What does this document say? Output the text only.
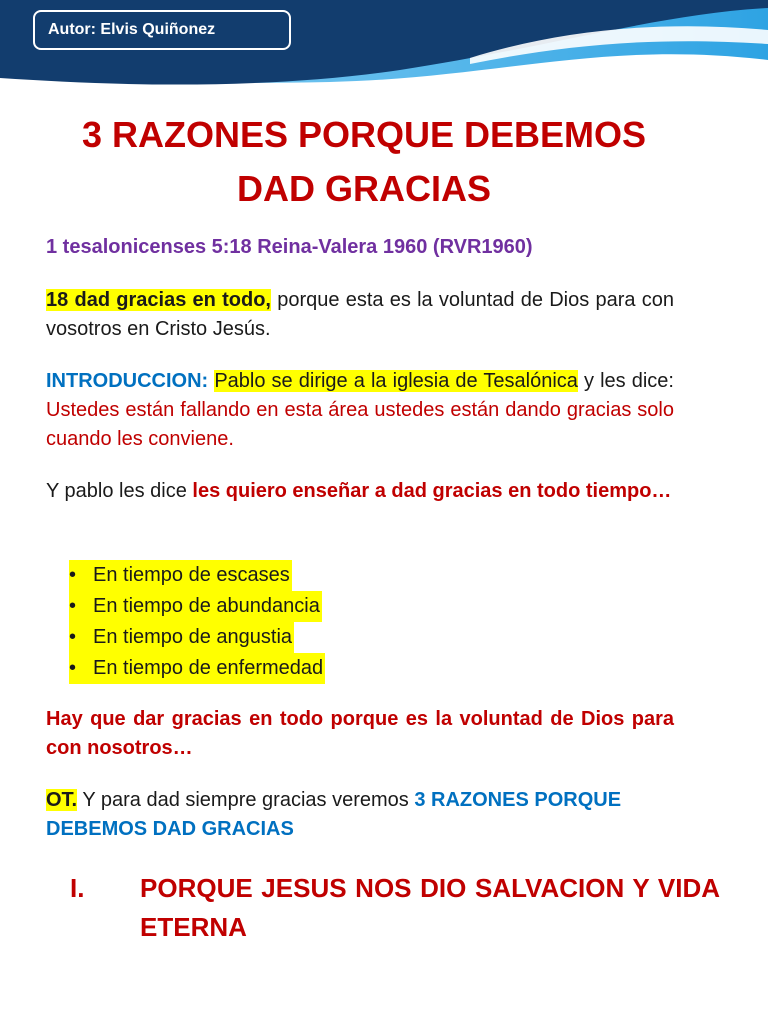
Autor: Elvis Quiñonez
3 RAZONES PORQUE DEBEMOS
DAD GRACIAS

1 tesalonicenses 5:18 Reina-Valera 1960 (RVR1960)

18 dad gracias en todo, porque esta es la voluntad de Dios para con vosotros en Cristo Jesús.

INTRODUCCION: Pablo se dirige a la iglesia de Tesalónica y les dice: Ustedes están fallando en esta área ustedes están dando gracias solo cuando les conviene.

Y pablo les dice les quiero enseñar a dad gracias en todo tiempo…

• En tiempo de escases
• En tiempo de abundancia
• En tiempo de angustia
• En tiempo de enfermedad

Hay que dar gracias en todo porque es la voluntad de Dios para con nosotros…

OT. Y para dad siempre gracias veremos 3 RAZONES PORQUE DEBEMOS DAD GRACIAS

I. PORQUE JESUS NOS DIO SALVACION Y VIDA ETERNA
